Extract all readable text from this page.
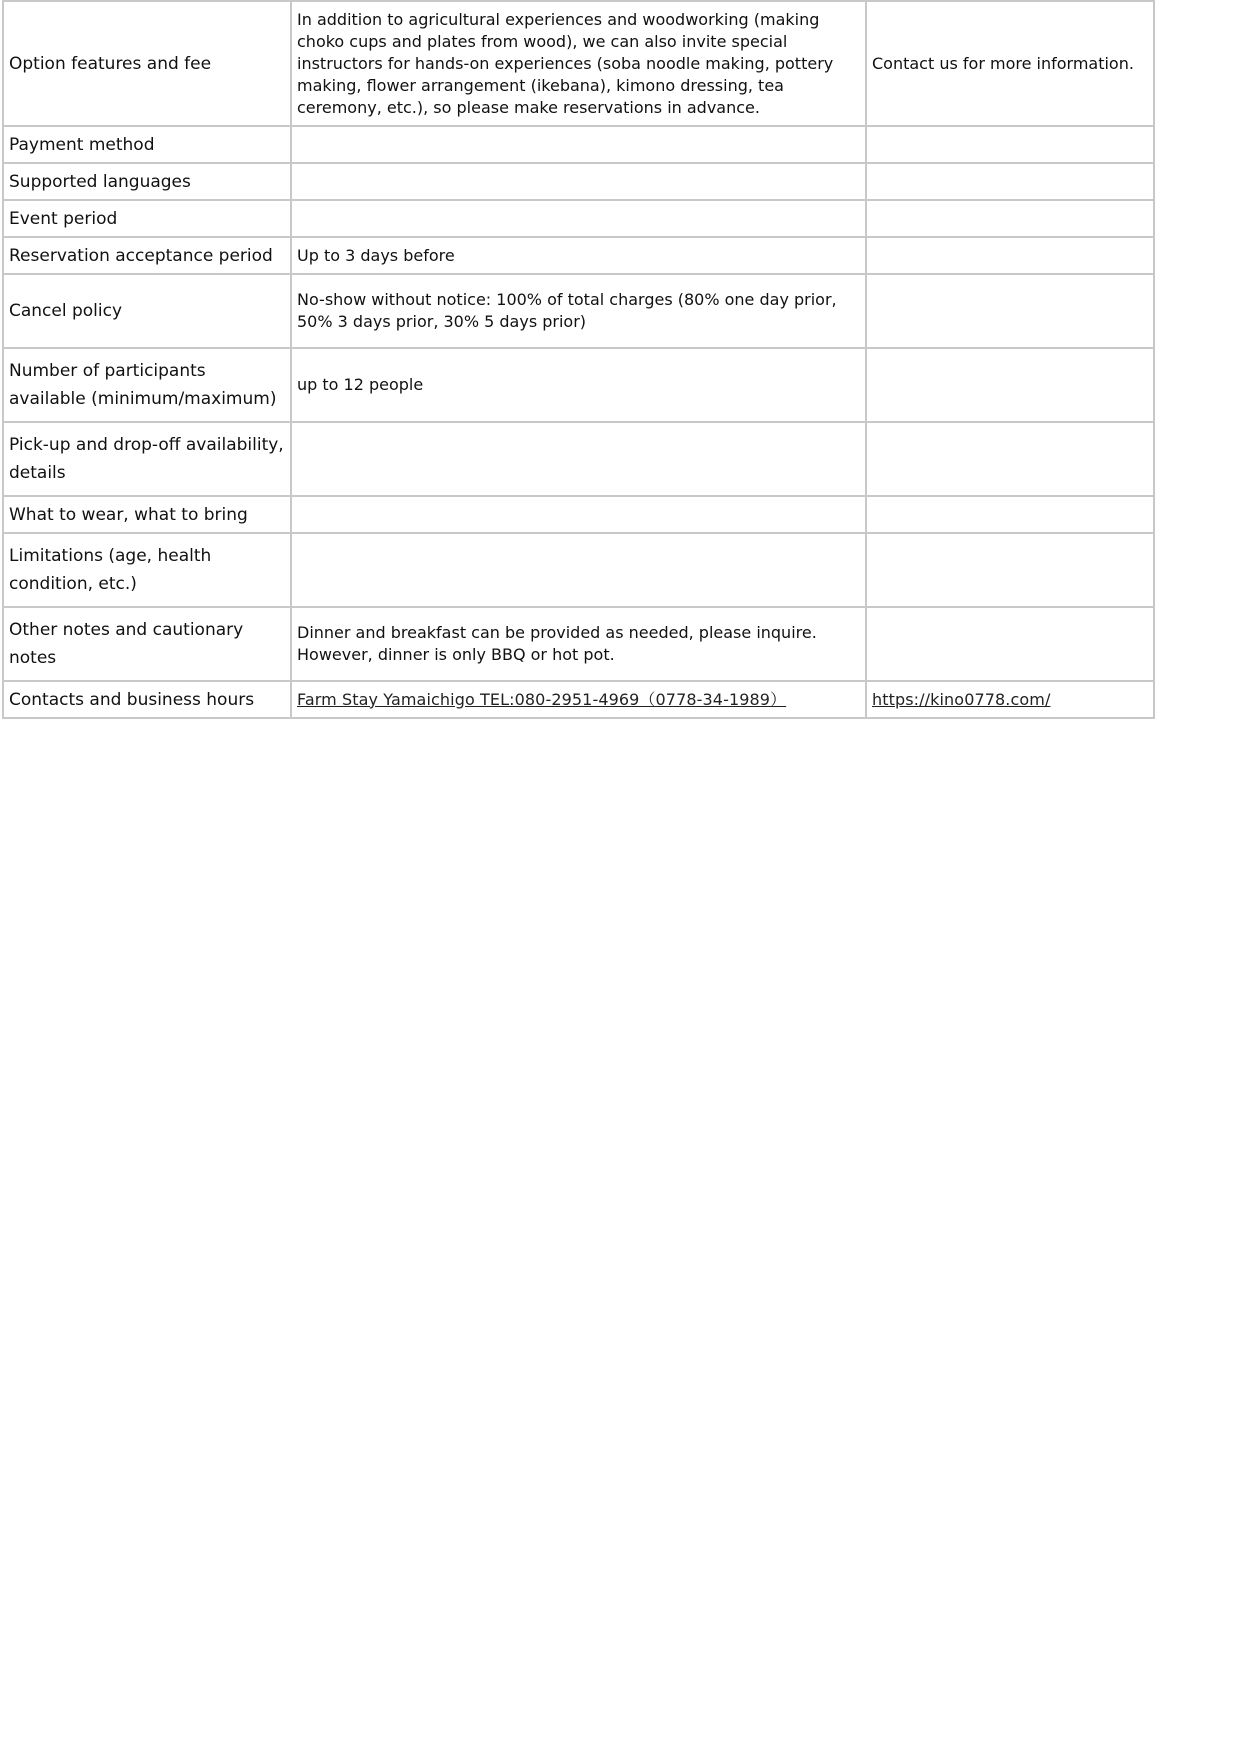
Option features and fee	In addition to agricultural experiences and woodworking (making choko cups and plates from wood), we can also invite special instructors for hands-on experiences (soba noodle making, pottery making, flower arrangement (ikebana), kimono dressing, tea ceremony, etc.), so please make reservations in advance.	Contact us for more information.
Payment method		
Supported languages		
Event period		
Reservation acceptance period	Up to 3 days before	
Cancel policy	No-show without notice: 100% of total charges (80% one day prior, 50% 3 days prior, 30% 5 days prior)	
Number of participants available (minimum/maximum)	up to 12 people	
Pick-up and drop-off availability, details		
What to wear, what to bring		
Limitations (age, health condition, etc.)		
Other notes and cautionary notes	Dinner and breakfast can be provided as needed, please inquire. However, dinner is only BBQ or hot pot.	
Contacts and business hours	Farm Stay Yamaichigo TEL:080-2951-4969（0778-34-1989）	https://kino0778.com/
